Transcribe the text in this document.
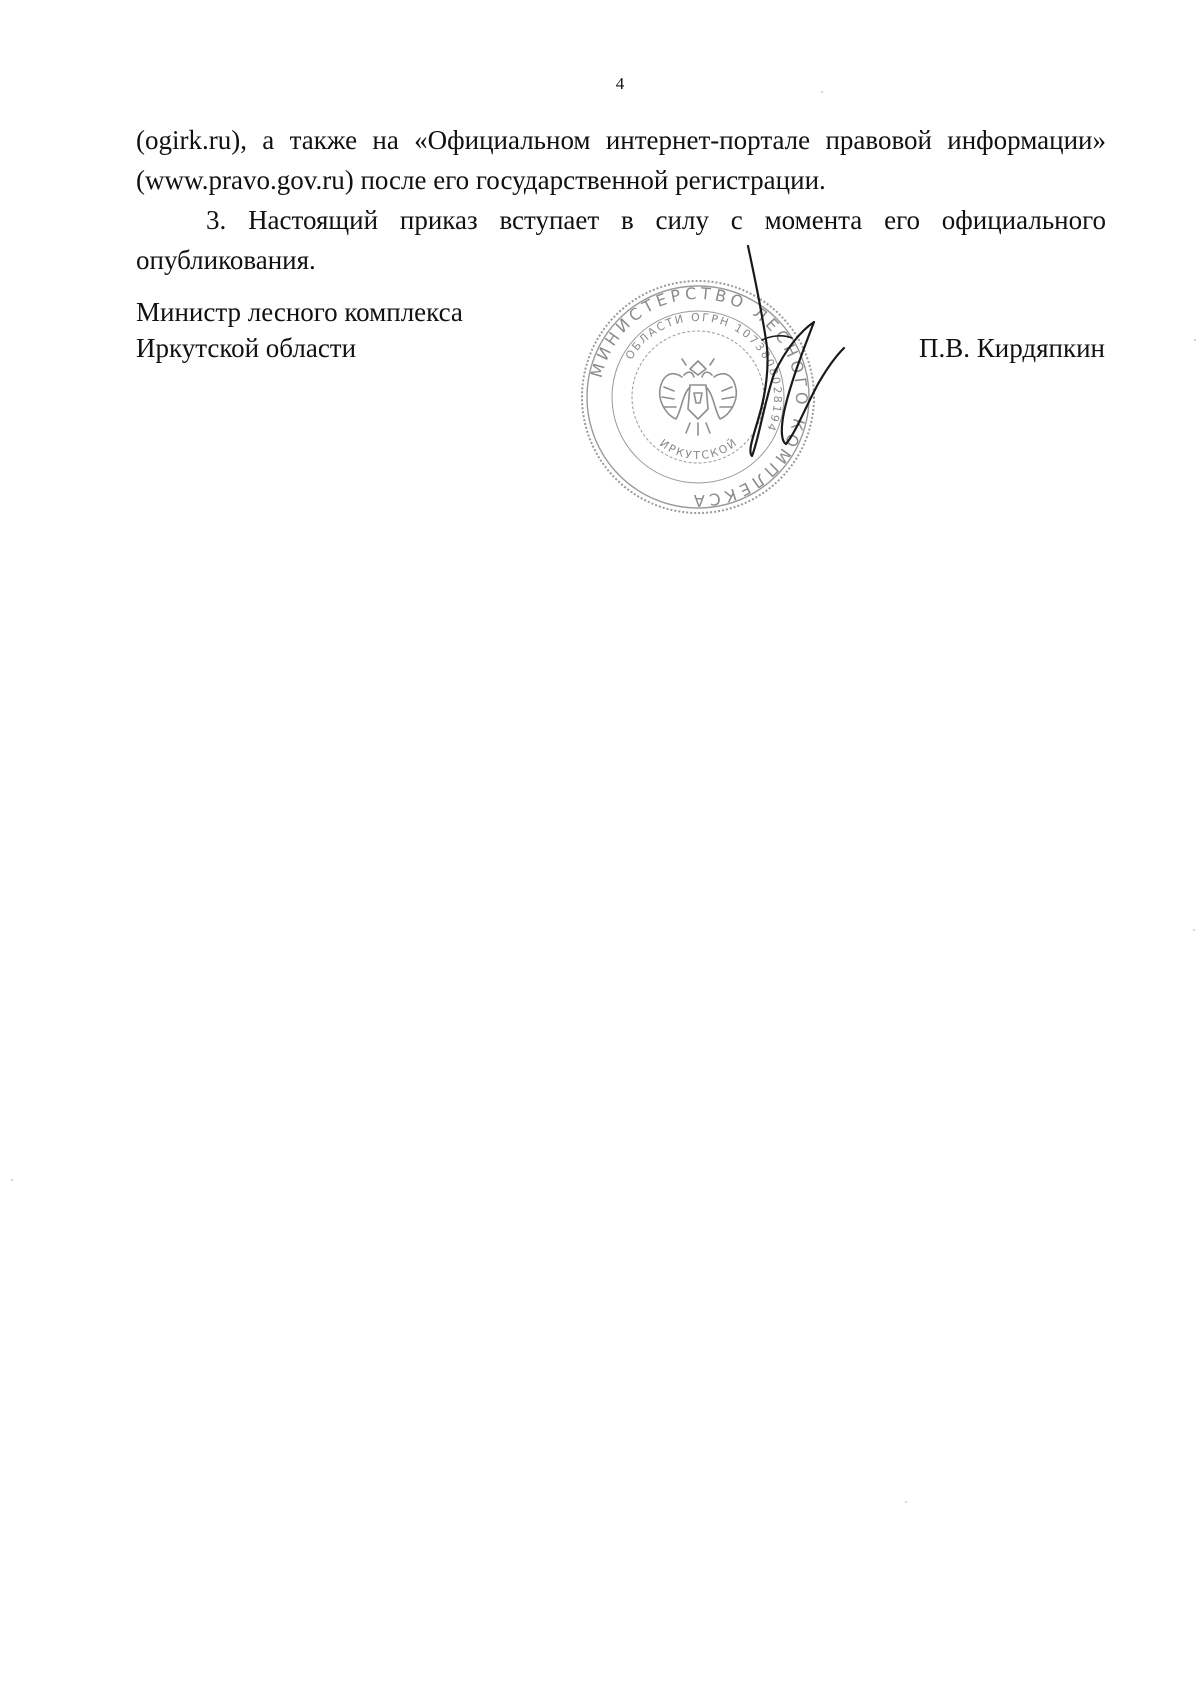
4

(ogirk.ru), а также на «Официальном интернет-портале правовой информации» (www.pravo.gov.ru) после его государственной регистрации.

3. Настоящий приказ вступает в силу с момента его официального опубликования.

Министр лесного комплекса
Иркутской области
МИНИСТЕРСТВО ЛЕСНОГО КОМПЛЕКСА
ОБЛАСТИ ОГРН 1073808028194
ИРКУТСКОЙ
П.В. Кирдяпкин
